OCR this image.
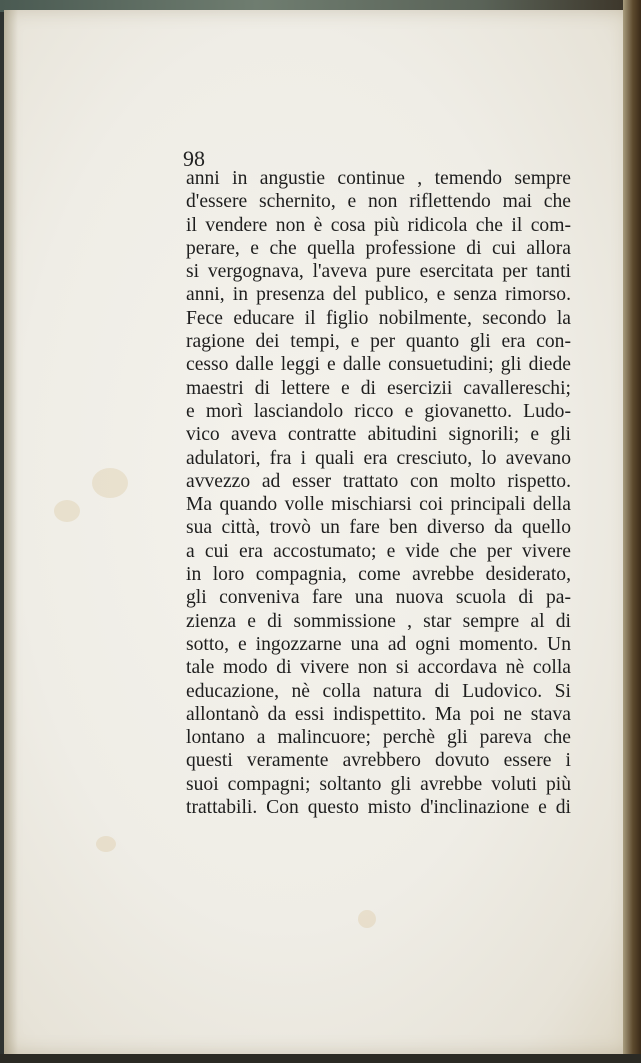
98
anni in angustie continue , temendo sempre
d'essere schernito, e non riflettendo mai che
il vendere non è cosa più ridicola che il com-
perare, e che quella professione di cui allora
si vergognava, l'aveva pure esercitata per tanti
anni, in presenza del publico, e senza rimorso.
Fece educare il figlio nobilmente, secondo la
ragione dei tempi, e per quanto gli era con-
cesso dalle leggi e dalle consuetudini; gli diede
maestri di lettere e di esercizii cavallereschi;
e morì lasciandolo ricco e giovanetto. Ludo-
vico aveva contratte abitudini signorili; e gli
adulatori, fra i quali era cresciuto, lo avevano
avvezzo ad esser trattato con molto rispetto.
Ma quando volle mischiarsi coi principali della
sua città, trovò un fare ben diverso da quello
a cui era accostumato; e vide che per vivere
in loro compagnia, come avrebbe desiderato,
gli conveniva fare una nuova scuola di pa-
zienza e di sommissione , star sempre al di
sotto, e ingozzarne una ad ogni momento. Un
tale modo di vivere non si accordava nè colla
educazione, nè colla natura di Ludovico. Si
allontanò da essi indispettito. Ma poi ne stava
lontano a malincuore; perchè gli pareva che
questi veramente avrebbero dovuto essere i
suoi compagni; soltanto gli avrebbe voluti più
trattabili. Con questo misto d'inclinazione e di
